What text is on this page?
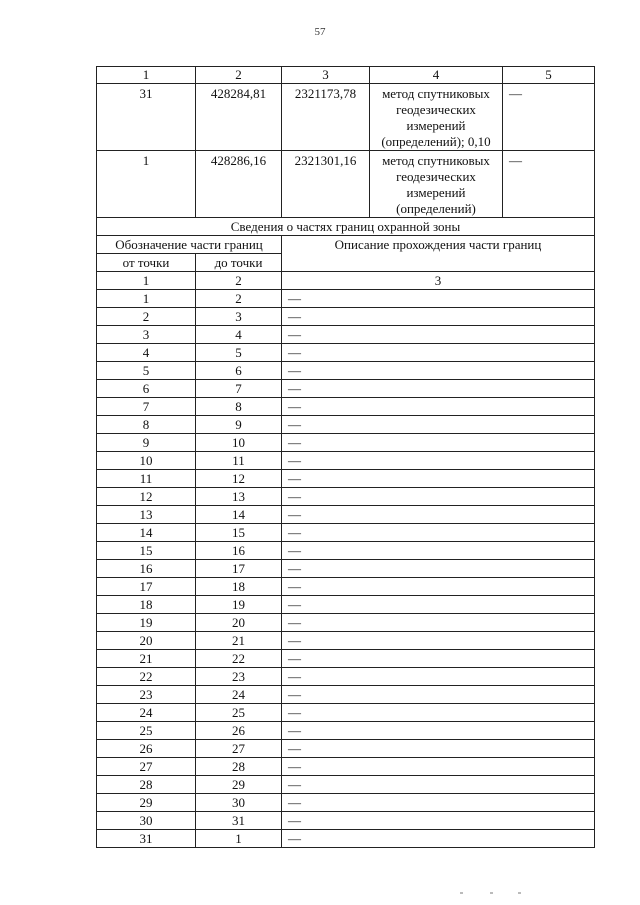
57
1	2	3	4	5
31	428284,81	2321173,78	метод спутниковых геодезических измерений (определений); 0,10	—
1	428286,16	2321301,16	метод спутниковых геодезических измерений (определений)	—
Сведения о частях границ охранной зоны				
Обозначение части границ		Описание прохождения части границ		
от точки	до точки			
1	2	3		
1	2	—		
2	3	—		
3	4	—		
4	5	—		
5	6	—		
6	7	—		
7	8	—		
8	9	—		
9	10	—		
10	11	—		
11	12	—		
12	13	—		
13	14	—		
14	15	—		
15	16	—		
16	17	—		
17	18	—		
18	19	—		
19	20	—		
20	21	—		
21	22	—		
22	23	—		
23	24	—		
24	25	—		
25	26	—		
26	27	—		
27	28	—		
28	29	—		
29	30	—		
30	31	—		
31	1	—		
